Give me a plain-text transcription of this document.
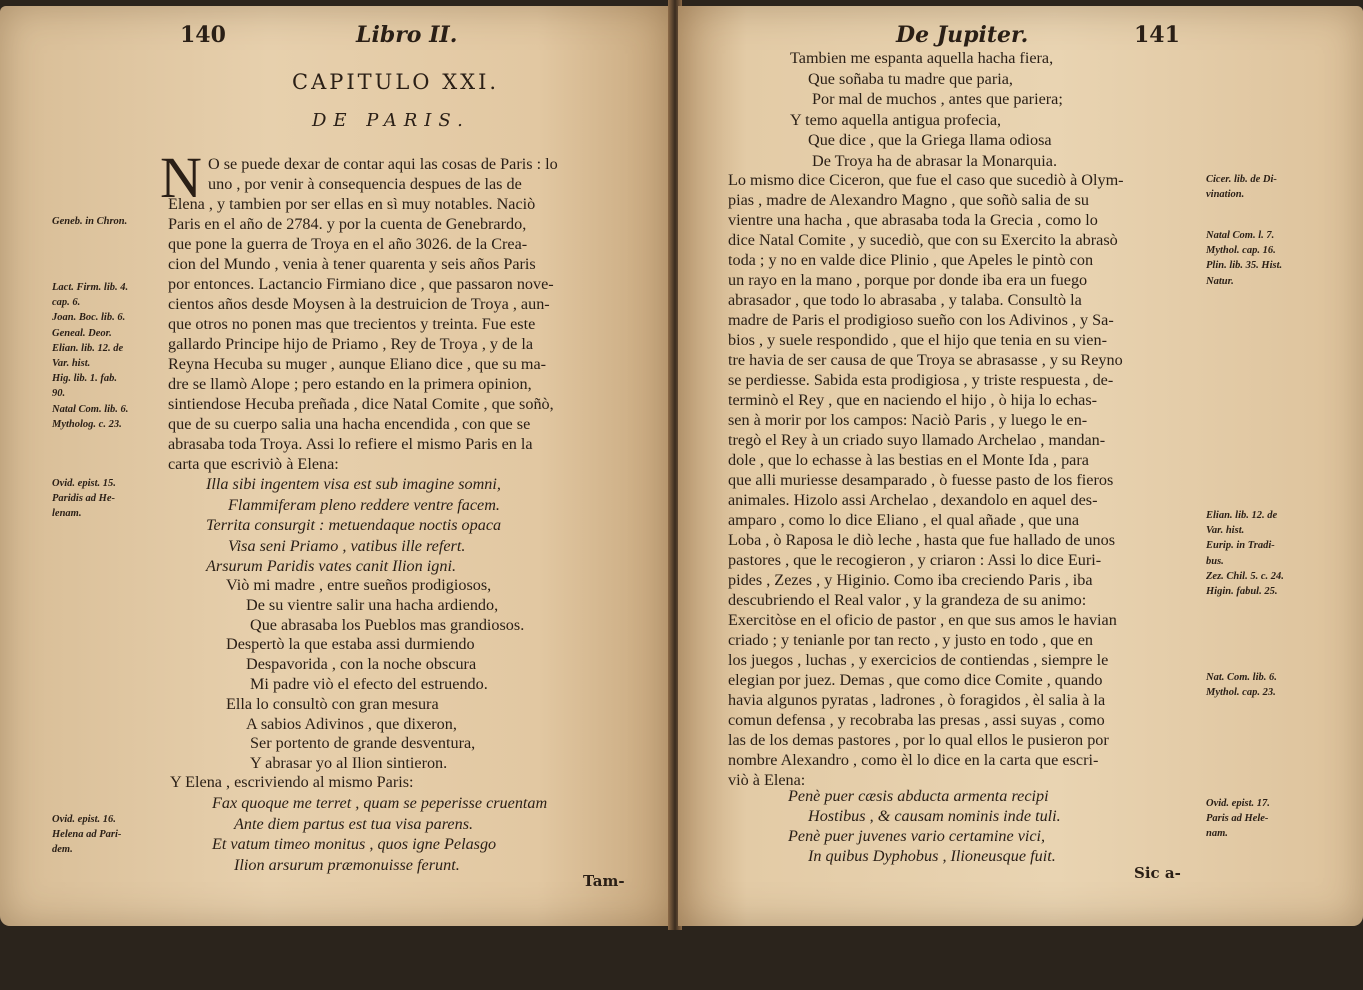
140	Libro II.
CAPITULO XXI.
DE PARIS.
N O se puede dexar de contar aqui las cosas de Paris : lo
uno , por venir à consequencia despues de las de
Elena , y tambien por ser ellas en sì muy notables. Naciò
Paris en el año de 2784. y por la cuenta de Genebrardo,
que pone la guerra de Troya en el año 3026. de la Crea-
cion del Mundo , venia à tener quarenta y seis años Paris
por entonces. Lactancio Firmiano dice , que passaron nove-
cientos años desde Moysen à la destruicion de Troya , aun-
que otros no ponen mas que trecientos y treinta. Fue este
gallardo Principe hijo de Priamo , Rey de Troya , y de la
Reyna Hecuba su muger , aunque Eliano dice , que su ma-
dre se llamò Alope ; pero estando en la primera opinion,
sintiendose Hecuba preñada , dice Natal Comite , que soñò,
que de su cuerpo salia una hacha encendida , con que se
abrasaba toda Troya. Assi lo refiere el mismo Paris en la
carta que escriviò à Elena:
Illa sibi ingentem visa est sub imagine somni,
Flammiferam pleno reddere ventre facem.
Territa consurgit : metuendaque noctis opaca
Visa seni Priamo , vatibus ille refert.
Arsurum Paridis vates canit Ilion igni.
Viò mi madre , entre sueños prodigiosos,
De su vientre salir una hacha ardiendo,
Que abrasaba los Pueblos mas grandiosos.
Despertò la que estaba assi durmiendo
Despavorida , con la noche obscura
Mi padre viò el efecto del estruendo.
Ella lo consultò con gran mesura
A sabios Adivinos , que dixeron,
Ser portento de grande desventura,
Y abrasar yo al Ilion sintieron.
Y Elena , escriviendo al mismo Paris:
Fax quoque me terret , quam se peperisse cruentam
Ante diem partus est tua visa parens.
Et vatum timeo monitus , quos igne Pelasgo
Ilion arsurum præmonuisse ferunt.
Tam-
Geneb. in Chron.
Lact. Firm. lib. 4.
cap. 6.
Joan. Boc. lib. 6.
Geneal. Deor.
Elian. lib. 12. de
Var. hist.
Hig. lib. 1. fab.
90.
Natal Com. lib. 6.
Mytholog. c. 23.
Ovid. epist. 15.
Paridis ad He-
lenam.
Ovid. epist. 16.
Helena ad Pari-
dem.
De Jupiter.	141
Tambien me espanta aquella hacha fiera,
Que soñaba tu madre que paria,
Por mal de muchos , antes que pariera;
Y temo aquella antigua profecia,
Que dice , que la Griega llama odiosa
De Troya ha de abrasar la Monarquia.
Lo mismo dice Ciceron, que fue el caso que sucediò à Olym-
pias , madre de Alexandro Magno , que soñò salia de su
vientre una hacha , que abrasaba toda la Grecia , como lo
dice Natal Comite , y sucediò, que con su Exercito la abrasò
toda ; y no en valde dice Plinio , que Apeles le pintò con
un rayo en la mano , porque por donde iba era un fuego
abrasador , que todo lo abrasaba , y talaba. Consultò la
madre de Paris el prodigioso sueño con los Adivinos , y Sa-
bios , y suele respondido , que el hijo que tenia en su vien-
tre havia de ser causa de que Troya se abrasasse , y su Reyno
se perdiesse. Sabida esta prodigiosa , y triste respuesta , de-
terminò el Rey , que en naciendo el hijo , ò hija lo echas-
sen à morir por los campos: Naciò Paris , y luego le en-
tregò el Rey à un criado suyo llamado Archelao , mandan-
dole , que lo echasse à las bestias en el Monte Ida , para
que alli muriesse desamparado , ò fuesse pasto de los fieros
animales. Hizolo assi Archelao , dexandolo en aquel des-
amparo , como lo dice Eliano , el qual añade , que una
Loba , ò Raposa le diò leche , hasta que fue hallado de unos
pastores , que le recogieron , y criaron : Assi lo dice Euri-
pides , Zezes , y Higinio. Como iba creciendo Paris , iba
descubriendo el Real valor , y la grandeza de su animo:
Exercitòse en el oficio de pastor , en que sus amos le havian
criado ; y tenianle por tan recto , y justo en todo , que en
los juegos , luchas , y exercicios de contiendas , siempre le
elegian por juez. Demas , que como dice Comite , quando
havia algunos pyratas , ladrones , ò foragidos , èl salia à la
comun defensa , y recobraba las presas , assi suyas , como
las de los demas pastores , por lo qual ellos le pusieron por
nombre Alexandro , como èl lo dice en la carta que escri-
viò à Elena:
Penè puer cæsis abducta armenta recipi
Hostibus , & causam nominis inde tuli.
Penè puer juvenes vario certamine vici,
In quibus Dyphobus , Ilioneusque fuit.
Sic a-
Cicer. lib. de Di-
vination.
Natal Com. l. 7.
Mythol. cap. 16.
Plin. lib. 35. Hist.
Natur.
Elian. lib. 12. de
Var. hist.
Eurip. in Tradi-
bus.
Zez. Chil. 5. c. 24.
Higin. fabul. 25.
Nat. Com. lib. 6.
Mythol. cap. 23.
Ovid. epist. 17.
Paris ad Hele-
nam.
